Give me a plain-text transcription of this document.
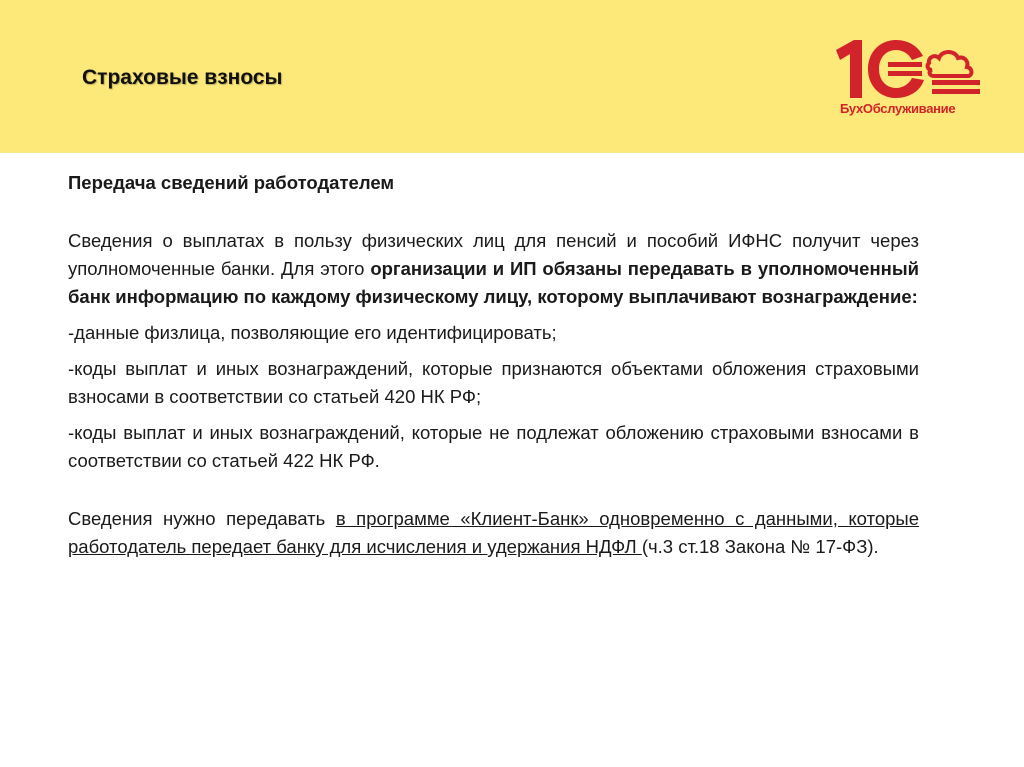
Страховые взносы
БухОбслуживание

Передача сведений работодателем

Сведения о выплатах в пользу физических лиц для пенсий и пособий ИФНС получит через уполномоченные банки. Для этого организации и ИП обязаны передавать в уполномоченный банк информацию по каждому физическому лицу, которому выплачивают вознаграждение:

-данные физлица, позволяющие его идентифицировать;

-коды выплат и иных вознаграждений, которые признаются объектами обложения страховыми взносами в соответствии со статьей 420 НК РФ;

-коды выплат и иных вознаграждений, которые не подлежат обложению страховыми взносами в соответствии со статьей 422 НК РФ.

Сведения нужно передавать в программе «Клиент-Банк» одновременно с данными, которые работодатель передает банку для исчисления и удержания НДФЛ (ч.3 ст.18 Закона № 17-ФЗ).
